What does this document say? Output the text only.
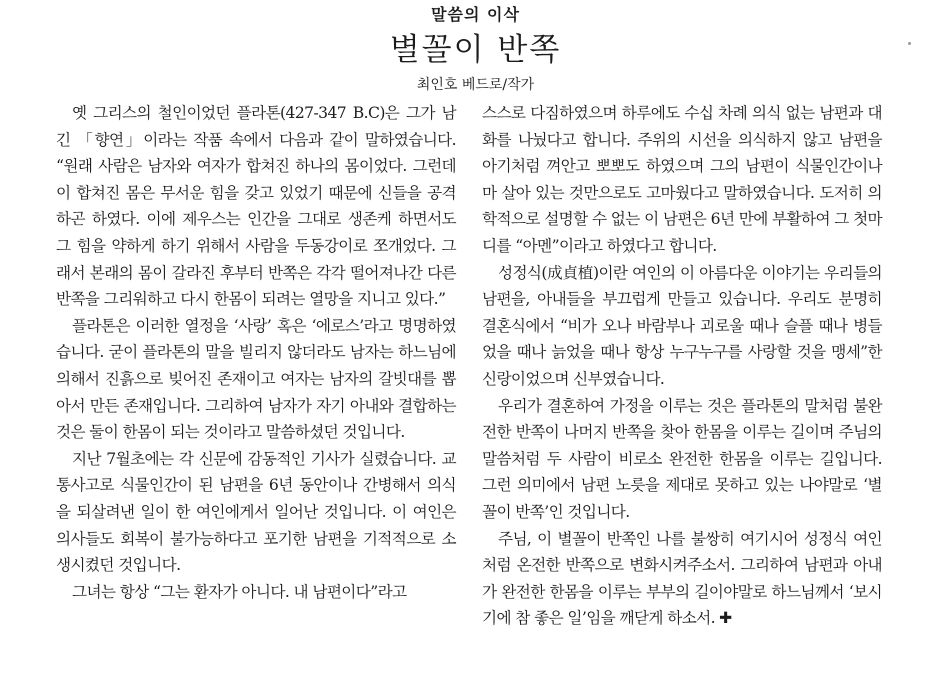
말씀의 이삭
별꼴이 반쪽
최인호 베드로/작가

옛 그리스의 철인이었던 플라톤(427-347 B.C)은 그가 남긴 「향연」이라는 작품 속에서 다음과 같이 말하였습니다. “원래 사람은 남자와 여자가 합쳐진 하나의 몸이었다. 그런데 이 합쳐진 몸은 무서운 힘을 갖고 있었기 때문에 신들을 공격하곤 하였다. 이에 제우스는 인간을 그대로 생존케 하면서도 그 힘을 약하게 하기 위해서 사람을 두동강이로 쪼개었다. 그래서 본래의 몸이 갈라진 후부터 반쪽은 각각 떨어져나간 다른 반쪽을 그리워하고 다시 한몸이 되려는 열망을 지니고 있다.”

플라톤은 이러한 열정을 ‘사랑’ 혹은 ‘에로스’라고 명명하였습니다. 굳이 플라톤의 말을 빌리지 않더라도 남자는 하느님에 의해서 진흙으로 빚어진 존재이고 여자는 남자의 갈빗대를 뽑아서 만든 존재입니다. 그리하여 남자가 자기 아내와 결합하는 것은 둘이 한몸이 되는 것이라고 말씀하셨던 것입니다.

지난 7월초에는 각 신문에 감동적인 기사가 실렸습니다. 교통사고로 식물인간이 된 남편을 6년 동안이나 간병해서 의식을 되살려낸 일이 한 여인에게서 일어난 것입니다. 이 여인은 의사들도 회복이 불가능하다고 포기한 남편을 기적적으로 소생시켰던 것입니다.

그녀는 항상 “그는 환자가 아니다. 내 남편이다”라고

스스로 다짐하였으며 하루에도 수십 차례 의식 없는 남편과 대화를 나눴다고 합니다. 주위의 시선을 의식하지 않고 남편을 아기처럼 껴안고 뽀뽀도 하였으며 그의 남편이 식물인간이나마 살아 있는 것만으로도 고마웠다고 말하였습니다. 도저히 의학적으로 설명할 수 없는 이 남편은 6년 만에 부활하여 그 첫마디를 “아멘”이라고 하였다고 합니다.

성정식(成貞植)이란 여인의 이 아름다운 이야기는 우리들의 남편을, 아내들을 부끄럽게 만들고 있습니다. 우리도 분명히 결혼식에서 “비가 오나 바람부나 괴로울 때나 슬플 때나 병들었을 때나 늙었을 때나 항상 누구누구를 사랑할 것을 맹세”한 신랑이었으며 신부였습니다.

우리가 결혼하여 가정을 이루는 것은 플라톤의 말처럼 불완전한 반쪽이 나머지 반쪽을 찾아 한몸을 이루는 길이며 주님의 말씀처럼 두 사람이 비로소 완전한 한몸을 이루는 길입니다. 그런 의미에서 남편 노릇을 제대로 못하고 있는 나야말로 ‘별꼴이 반쪽’인 것입니다.

주님, 이 별꼴이 반쪽인 나를 불쌍히 여기시어 성정식 여인처럼 온전한 반쪽으로 변화시켜주소서. 그리하여 남편과 아내가 완전한 한몸을 이루는 부부의 길이야말로 하느님께서 ‘보시기에 참 좋은 일’임을 깨닫게 하소서. ✚
